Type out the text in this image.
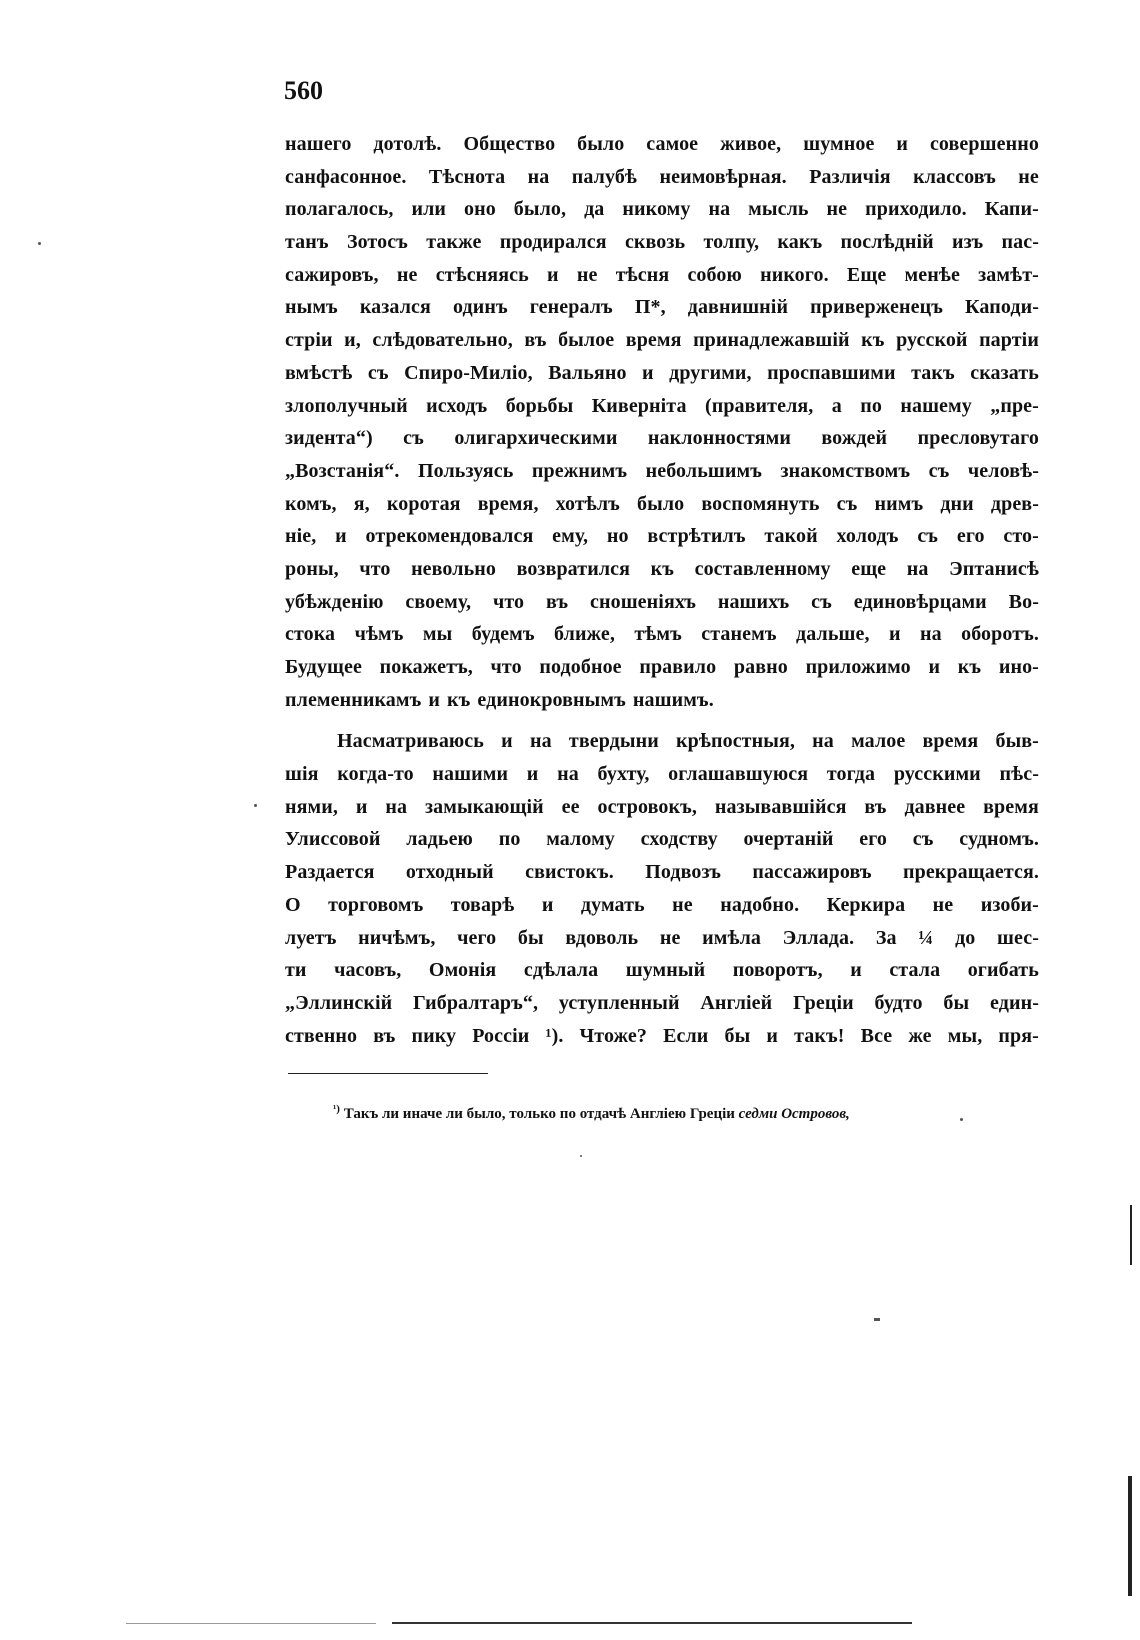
560
нашего дотолѣ. Общество было самое живое, шумное и совершенно
санфасонное. Тѣснота на палубѣ неимовѣрная. Различія классовъ не
полагалось, или оно было, да никому на мысль не приходило. Капи-
танъ Зотосъ также продирался сквозь толпу, какъ послѣдній изъ пас-
сажировъ, не стѣсняясь и не тѣсня собою никого. Еще менѣе замѣт-
нымъ казался одинъ генералъ П*, давнишній приверженецъ Каподи-
стріи и, слѣдовательно, въ былое время принадлежавшій къ русской партіи
вмѣстѣ съ Спиро-Миліо, Вальяно и другими, проспавшими такъ сказать
злополучный исходъ борьбы Киверніта (правителя, а по нашему „пре-
зидента“) съ олигархическими наклонностями вождей пресловутаго
„Возстанія“. Пользуясь прежнимъ небольшимъ знакомствомъ съ человѣ-
комъ, я, коротая время, хотѣлъ было воспомянуть съ нимъ дни древ-
ніе, и отрекомендовался ему, но встрѣтилъ такой холодъ съ его сто-
роны, что невольно возвратился къ составленному еще на Эптанисѣ
убѣжденію своему, что въ сношеніяхъ нашихъ съ единовѣрцами Во-
стока чѣмъ мы будемъ ближе, тѣмъ станемъ дальше, и на оборотъ.
Будущее покажетъ, что подобное правило равно приложимо и къ ино-
племенникамъ и къ единокровнымъ нашимъ.
Насматриваюсь и на твердыни крѣпостныя, на малое время быв-
шія когда-то нашими и на бухту, оглашавшуюся тогда русскими пѣс-
нями, и на замыкающій ее островокъ, называвшійся въ давнее время
Улиссовой ладьею по малому сходству очертаній его съ судномъ.
Раздается отходный свистокъ. Подвозъ пассажировъ прекращается.
О торговомъ товарѣ и думать не надобно. Керкира не изоби-
луетъ ничѣмъ, чего бы вдоволь не имѣла Эллада. За ¼ до шес-
ти часовъ, Омонія сдѣлала шумный поворотъ, и стала огибать
„Эллинскій Гибралтаръ“, уступленный Англіей Греціи будто бы един-
ственно въ пику Россіи ¹). Чтоже? Если бы и такъ! Все же мы, пря-
$^{^1)}$ Такъ ли иначе ли было, только по отдачѣ Англіею Греціи седми Островов,
